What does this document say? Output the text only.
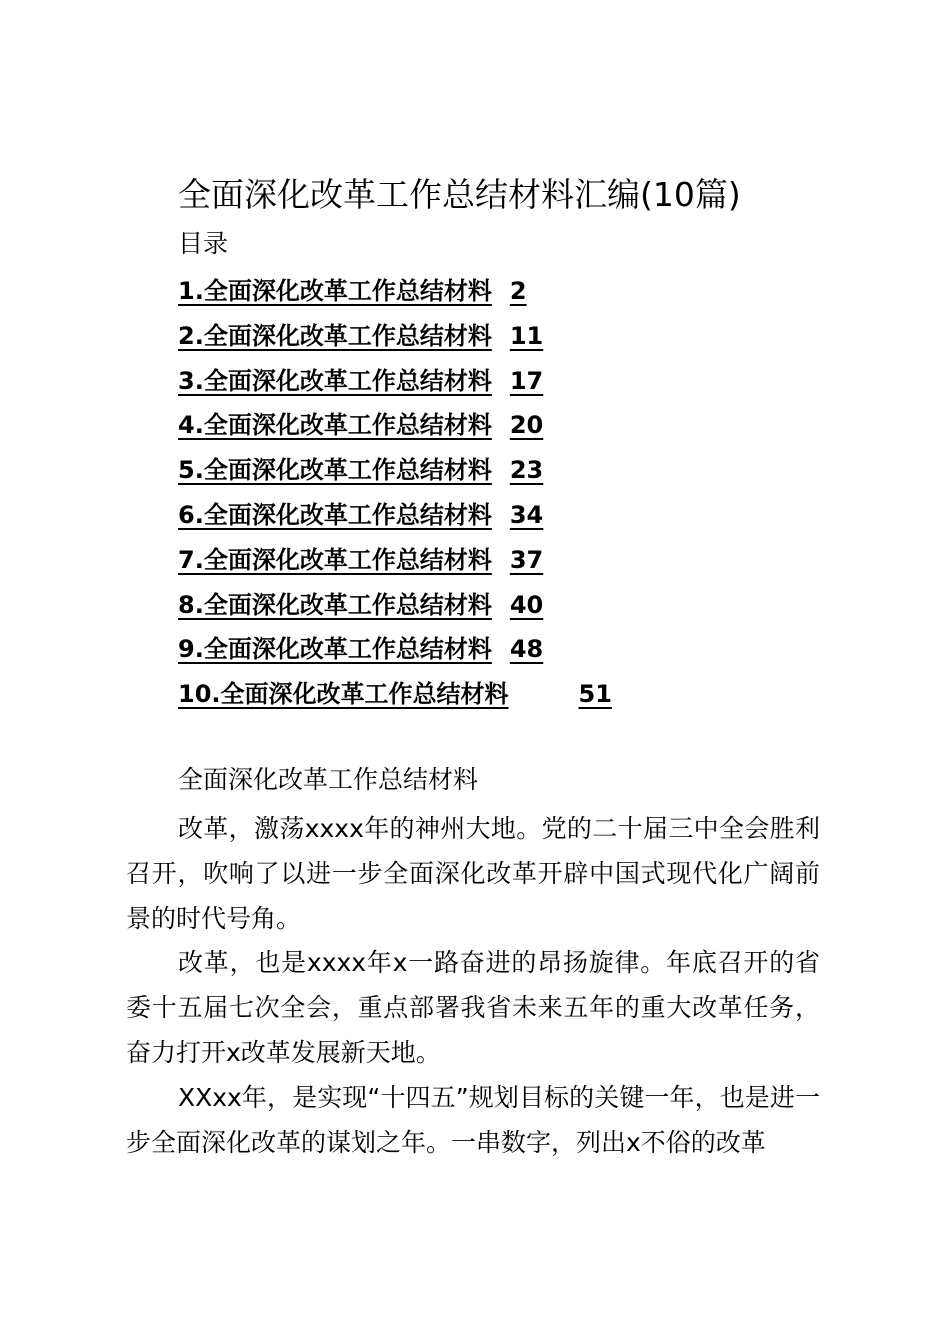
全面深化改革工作总结材料汇编(10篇)
目录
1.全面深化改革工作总结材料 2
2.全面深化改革工作总结材料 11
3.全面深化改革工作总结材料 17
4.全面深化改革工作总结材料 20
5.全面深化改革工作总结材料 23
6.全面深化改革工作总结材料 34
7.全面深化改革工作总结材料 37
8.全面深化改革工作总结材料 40
9.全面深化改革工作总结材料 48
10.全面深化改革工作总结材料	51
全面深化改革工作总结材料

改革，激荡xxxx年的神州大地。党的二十届三中全会胜利召开，吹响了以进一步全面深化改革开辟中国式现代化广阔前景的时代号角。

改革，也是xxxx年x一路奋进的昂扬旋律。年底召开的省委十五届七次全会，重点部署我省未来五年的重大改革任务，奋力打开x改革发展新天地。

XXxx年，是实现“十四五”规划目标的关键一年，也是进一步全面深化改革的谋划之年。一串数字，列出x不俗的改革
